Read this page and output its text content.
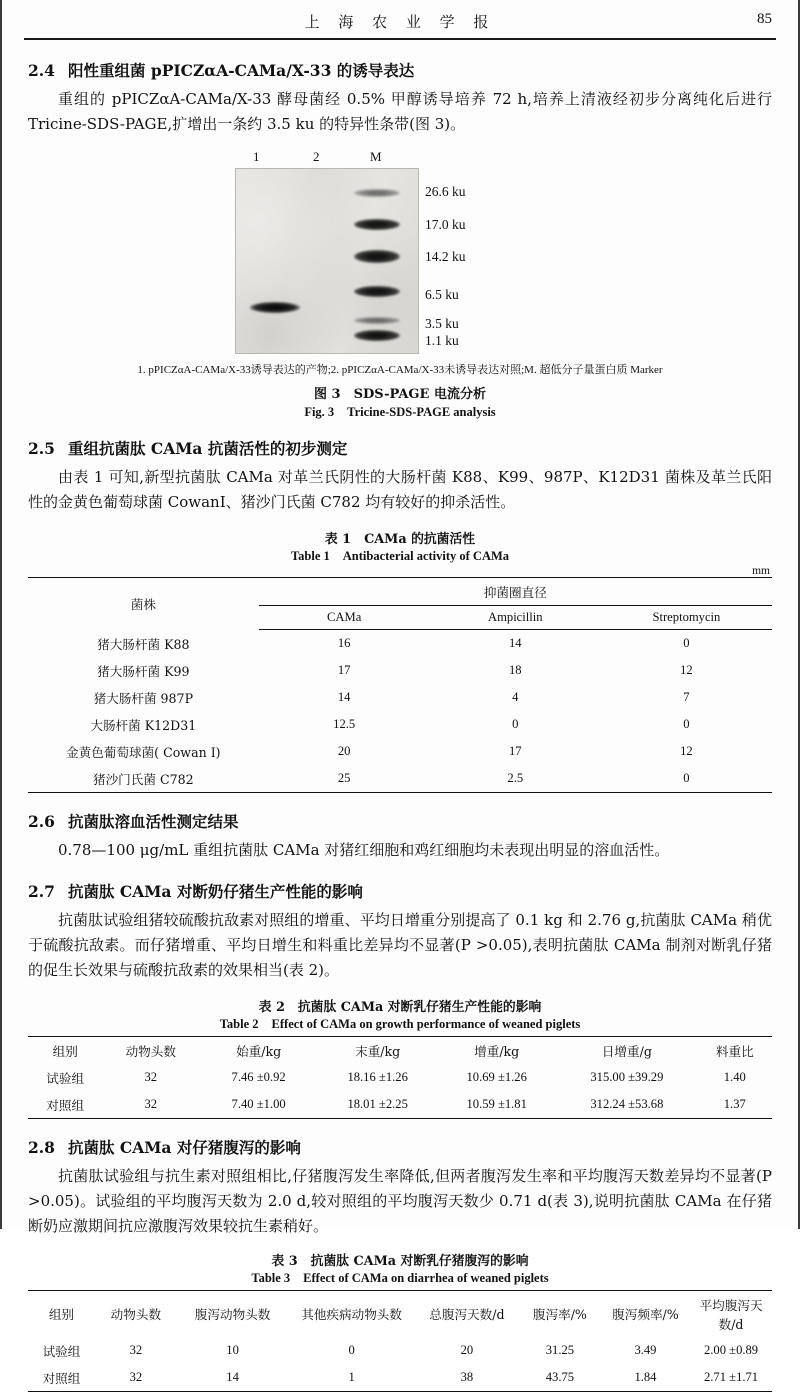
上 海 农 业 学 报	85
2.4 阳性重组菌 pPICZαA-CAMa/X-33 的诱导表达

重组的 pPICZαA-CAMa/X-33 酵母菌经 0.5% 甲醇诱导培养 72 h,培养上清液经初步分离纯化后进行 Tricine-SDS-PAGE,扩增出一条约 3.5 ku 的特异性条带(图 3)。

1	2	M
26.6 ku
17.0 ku
14.2 ku
6.5 ku
3.5 ku
1.1 ku
1. pPICZαA-CAMa/X-33诱导表达的产物;2. pPICZαA-CAMa/X-33未诱导表达对照;M. 超低分子量蛋白质 Marker
图 3 SDS-PAGE 电流分析
Fig. 3 Tricine-SDS-PAGE analysis
2.5 重组抗菌肽 CAMa 抗菌活性的初步测定

由表 1 可知,新型抗菌肽 CAMa 对革兰氏阴性的大肠杆菌 K88、K99、987P、K12D31 菌株及革兰氏阳性的金黄色葡萄球菌 CowanI、猪沙门氏菌 C782 均有较好的抑杀活性。

表 1 CAMa 的抗菌活性
Table 1 Antibacterial activity of CAMa
mm
菌株	抑菌圈直径		
	CAMa	Ampicillin	Streptomycin
猪大肠杆菌 K88	16	14	0
猪大肠杆菌 K99	17	18	12
猪大肠杆菌 987P	14	4	7
大肠杆菌 K12D31	12.5	0	0
金黄色葡萄球菌( Cowan I)	20	17	12
猪沙门氏菌 C782	25	2.5	0
2.6 抗菌肽溶血活性测定结果

0.78—100 μg/mL 重组抗菌肽 CAMa 对猪红细胞和鸡红细胞均未表现出明显的溶血活性。

2.7 抗菌肽 CAMa 对断奶仔猪生产性能的影响

抗菌肽试验组猪较硫酸抗敌素对照组的增重、平均日增重分别提高了 0.1 kg 和 2.76 g,抗菌肽 CAMa 稍优于硫酸抗敌素。而仔猪增重、平均日增生和料重比差异均不显著(P >0.05),表明抗菌肽 CAMa 制剂对断乳仔猪的促生长效果与硫酸抗敌素的效果相当(表 2)。

表 2 抗菌肽 CAMa 对断乳仔猪生产性能的影响
Table 2 Effect of CAMa on growth performance of weaned piglets
组别	动物头数	始重/kg	末重/kg	增重/kg	日增重/g	料重比
试验组	32	7.46 ±0.92	18.16 ±1.26	10.69 ±1.26	315.00 ±39.29	1.40
对照组	32	7.40 ±1.00	18.01 ±2.25	10.59 ±1.81	312.24 ±53.68	1.37
2.8 抗菌肽 CAMa 对仔猪腹泻的影响

抗菌肽试验组与抗生素对照组相比,仔猪腹泻发生率降低,但两者腹泻发生率和平均腹泻天数差异均不显著(P >0.05)。试验组的平均腹泻天数为 2.0 d,较对照组的平均腹泻天数少 0.71 d(表 3),说明抗菌肽 CAMa 在仔猪断奶应激期间抗应激腹泻效果较抗生素稍好。

表 3 抗菌肽 CAMa 对断乳仔猪腹泻的影响
Table 3 Effect of CAMa on diarrhea of weaned piglets
组别	动物头数	腹泻动物头数	其他疾病动物头数	总腹泻天数/d	腹泻率/%	腹泻频率/%	平均腹泻天数/d
试验组	32	10	0	20	31.25	3.49	2.00 ±0.89
对照组	32	14	1	38	43.75	1.84	2.71 ±1.71
